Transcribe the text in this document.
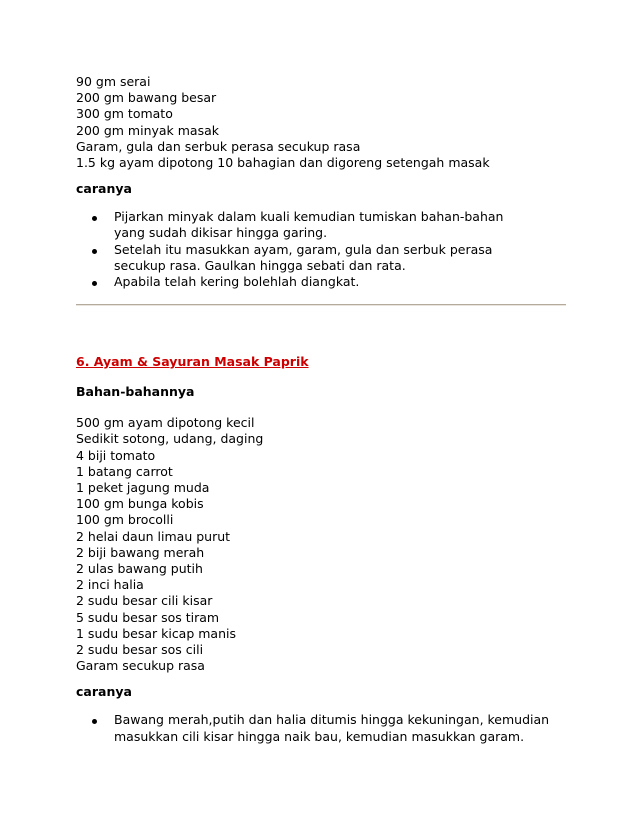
90 gm serai
200 gm bawang besar
300 gm tomato
200 gm minyak masak
Garam, gula dan serbuk perasa secukup rasa
1.5 kg ayam dipotong 10 bahagian dan digoreng setengah masak
caranya
Pijarkan minyak dalam kuali kemudian tumiskan bahan-bahan yang sudah dikisar hingga garing.
Setelah itu masukkan ayam, garam, gula dan serbuk perasa secukup rasa. Gaulkan hingga sebati dan rata.
Apabila telah kering bolehlah diangkat.
6. Ayam & Sayuran Masak Paprik
Bahan-bahannya
500 gm ayam dipotong kecil
Sedikit sotong, udang, daging
4 biji tomato
1 batang carrot
1 peket jagung muda
100 gm bunga kobis
100 gm brocolli
2 helai daun limau purut
2 biji bawang merah
2 ulas bawang putih
2 inci halia
2 sudu besar cili kisar
5 sudu besar sos tiram
1 sudu besar kicap manis
2 sudu besar sos cili
Garam secukup rasa
caranya
Bawang merah,putih dan halia ditumis hingga kekuningan, kemudian masukkan cili kisar hingga naik bau, kemudian masukkan garam.
